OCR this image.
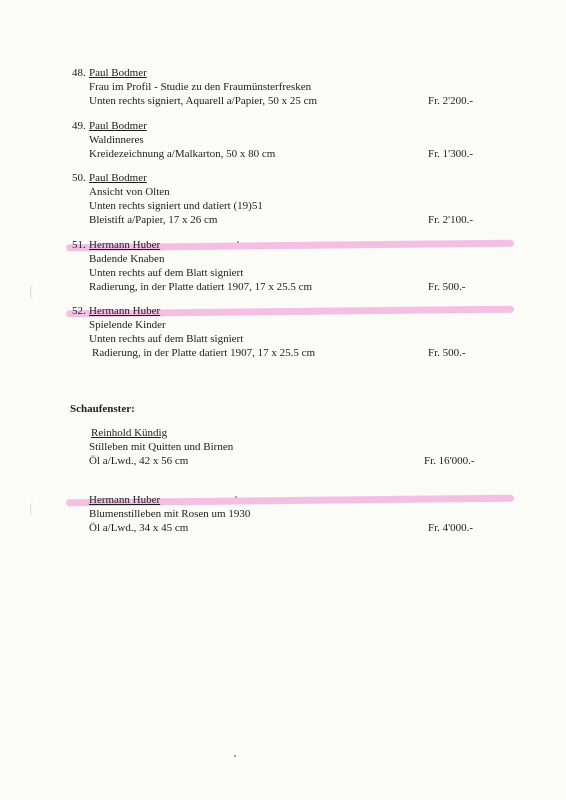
48. Paul Bodmer
Frau im Profil - Studie zu den Fraumünsterfresken
Unten rechts signiert, Aquarell a/Papier, 50 x 25 cm	Fr. 2'200.-
49. Paul Bodmer
Waldinneres
Kreidezeichnung a/Malkarton, 50 x 80 cm	Fr. 1'300.-
50. Paul Bodmer
Ansicht von Olten
Unten rechts signiert und datiert (19)51
Bleistift a/Papier, 17 x 26 cm	Fr. 2'100.-
51. Hermann Huber
Badende Knaben
Unten rechts auf dem Blatt signiert
Radierung, in der Platte datiert 1907, 17 x 25.5 cm	Fr. 500.-
52. Hermann Huber
Spielende Kinder
Unten rechts auf dem Blatt signiert
Radierung, in der Platte datiert 1907, 17 x 25.5 cm	Fr. 500.-
Schaufenster:
Reinhold Kündig
Stilleben mit Quitten und Birnen
Öl a/Lwd., 42 x 56 cm	Fr. 16'000.-
Hermann Huber
Blumenstilleben mit Rosen um 1930
Öl a/Lwd., 34 x 45 cm	Fr. 4'000.-
